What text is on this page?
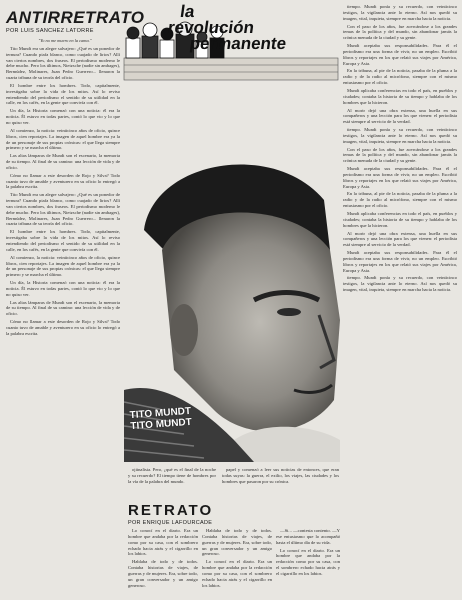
ANTIRRETRATO
POR LUIS SANCHEZ LATORRE

"Yo no me muero en la cama."

Tito Mundt era un alegre salvajero: ¿Qué es un ponedor de ternura? Cuando piafa blanco, como cuajado de lirios? Allí van ciertos nombres, dos fraseos. El periodismo moderno le debe mucho. Pero los últimos, Nietzsche (nadie sin ambages), Bermúdez, Molinares, Juan Pedro Guerrero... llenaron la cuarta tribuna de su teoría del oficio.

El hombre entre los hombres. Todo, capitalmente, investigaba sobre la vida de los mitos. Así lo reviso entendiendo del periodismo el sentido de su utilidad en la calle, en los cafés, en la gente que convivía con él.

Un día, la Historia comenzó con una noticia: él era la noticia. Él estuvo en todas partes, contó lo que vio y lo que no quiso ver.

Al comienzo, la noticia: veinticinco años de oficio, quince libros, cien reportajes. La imagen de aquel hombre era ya la de un personaje de sus propias crónicas: el que llega siempre primero y se marcha el último.

Las altas lámparas de Mundt son el escenario, la memoria de su tiempo. Al final de su camino: una lección de vida y de oficio.

Cómo no llamar a este desorden de Rojo y Silva? Todo cuanto tuvo de amable y aventurero en su oficio lo entregó a la palabra escrita.

Tito Mundt era un alegre salvajero: ¿Qué es un ponedor de ternura? Cuando piafa blanco, como cuajado de lirios? Allí van ciertos nombres, dos fraseos. El periodismo moderno le debe mucho. Pero los últimos, Nietzsche (nadie sin ambages), Bermúdez, Molinares, Juan Pedro Guerrero... llenaron la cuarta tribuna de su teoría del oficio.

El hombre entre los hombres. Todo, capitalmente, investigaba sobre la vida de los mitos. Así lo reviso entendiendo del periodismo el sentido de su utilidad en la calle, en los cafés, en la gente que convivía con él.

Al comienzo, la noticia: veinticinco años de oficio, quince libros, cien reportajes. La imagen de aquel hombre era ya la de un personaje de sus propias crónicas: el que llega siempre primero y se marcha el último.

Un día, la Historia comenzó con una noticia: él era la noticia. Él estuvo en todas partes, contó lo que vio y lo que no quiso ver.

Las altas lámparas de Mundt son el escenario, la memoria de su tiempo. Al final de su camino: una lección de vida y de oficio.

Cómo no llamar a este desorden de Rojo y Silva? Todo cuanto tuvo de amable y aventurero en su oficio lo entregó a la palabra escrita.

la
revolución
permanente
TITO MUNDT
TITO MUNDT

tiempo. Mundt ponía y su recuerdo, con veinticinco testigos, la vigilancia ante lo eterno. Así nos quedó su imagen, vital, inquieta, siempre en marcha hacia la noticia.

Con el paso de los años, fue acercándose a los grandes temas de la política y del mundo, sin abandonar jamás la crónica menuda de la ciudad y su gente.

Mundt aceptaba sus responsabilidades. Para él el periodismo era una forma de vivir, no un empleo. Escribió libros y reportajes en los que relató sus viajes por América, Europa y Asia.

En la tribuna, al pie de la noticia, pasaba de la pluma a la radio y de la radio al micrófono, siempre con el mismo entusiasmo por el oficio.

Mundt aplicaba conferencias en todo el país, en pueblos y ciudades; contaba la historia de su tiempo y hablaba de los hombres que la hicieron.

Al morir dejó una obra extensa, una huella en sus compañeros y una lección para los que vienen: el periodista está siempre al servicio de la verdad.

tiempo. Mundt ponía y su recuerdo, con veinticinco testigos, la vigilancia ante lo eterno. Así nos quedó su imagen, vital, inquieta, siempre en marcha hacia la noticia.

Con el paso de los años, fue acercándose a los grandes temas de la política y del mundo, sin abandonar jamás la crónica menuda de la ciudad y su gente.

Mundt aceptaba sus responsabilidades. Para él el periodismo era una forma de vivir, no un empleo. Escribió libros y reportajes en los que relató sus viajes por América, Europa y Asia.

En la tribuna, al pie de la noticia, pasaba de la pluma a la radio y de la radio al micrófono, siempre con el mismo entusiasmo por el oficio.

Mundt aplicaba conferencias en todo el país, en pueblos y ciudades; contaba la historia de su tiempo y hablaba de los hombres que la hicieron.

Al morir dejó una obra extensa, una huella en sus compañeros y una lección para los que vienen: el periodista está siempre al servicio de la verdad.

Mundt aceptaba sus responsabilidades. Para él el periodismo era una forma de vivir, no un empleo. Escribió libros y reportajes en los que relató sus viajes por América, Europa y Asia.

tiempo. Mundt ponía y su recuerdo, con veinticinco testigos, la vigilancia ante lo eterno. Así nos quedó su imagen, vital, inquieta, siempre en marcha hacia la noticia.

ojiinalisia. Pero, ¿qué es el final de la noche y su recuerdo? El tiempo tiene de hombres por la vía de la palabra del mundo.

papel y comenzó a leer sus noticias de entonces, que eran todas suyas: la guerra, el exilio, los viajes, las ciudades y los hombres que pasaron por su crónica.

RETRATO
POR ENRIQUE LAFOURCADE

Lo conocí en el diario. Era un hombre que andaba por la redacción como por su casa, con el sombrero echado hacia atrás y el cigarrillo en los labios.

Hablaba de todo y de todos. Contaba historias de viajes, de guerras y de mujeres. Era, sobre todo, un gran conversador y un amigo generoso.

Hablaba de todo y de todos. Contaba historias de viajes, de guerras y de mujeres. Era, sobre todo, un gran conversador y un amigo generoso.

Lo conocí en el diario. Era un hombre que andaba por la redacción como por su casa, con el sombrero echado hacia atrás y el cigarrillo en los labios.

—Si... —contesta contento. —Y ese entusiasmo que lo acompañó hasta el último día de su vida.

Lo conocí en el diario. Era un hombre que andaba por la redacción como por su casa, con el sombrero echado hacia atrás y el cigarrillo en los labios.
